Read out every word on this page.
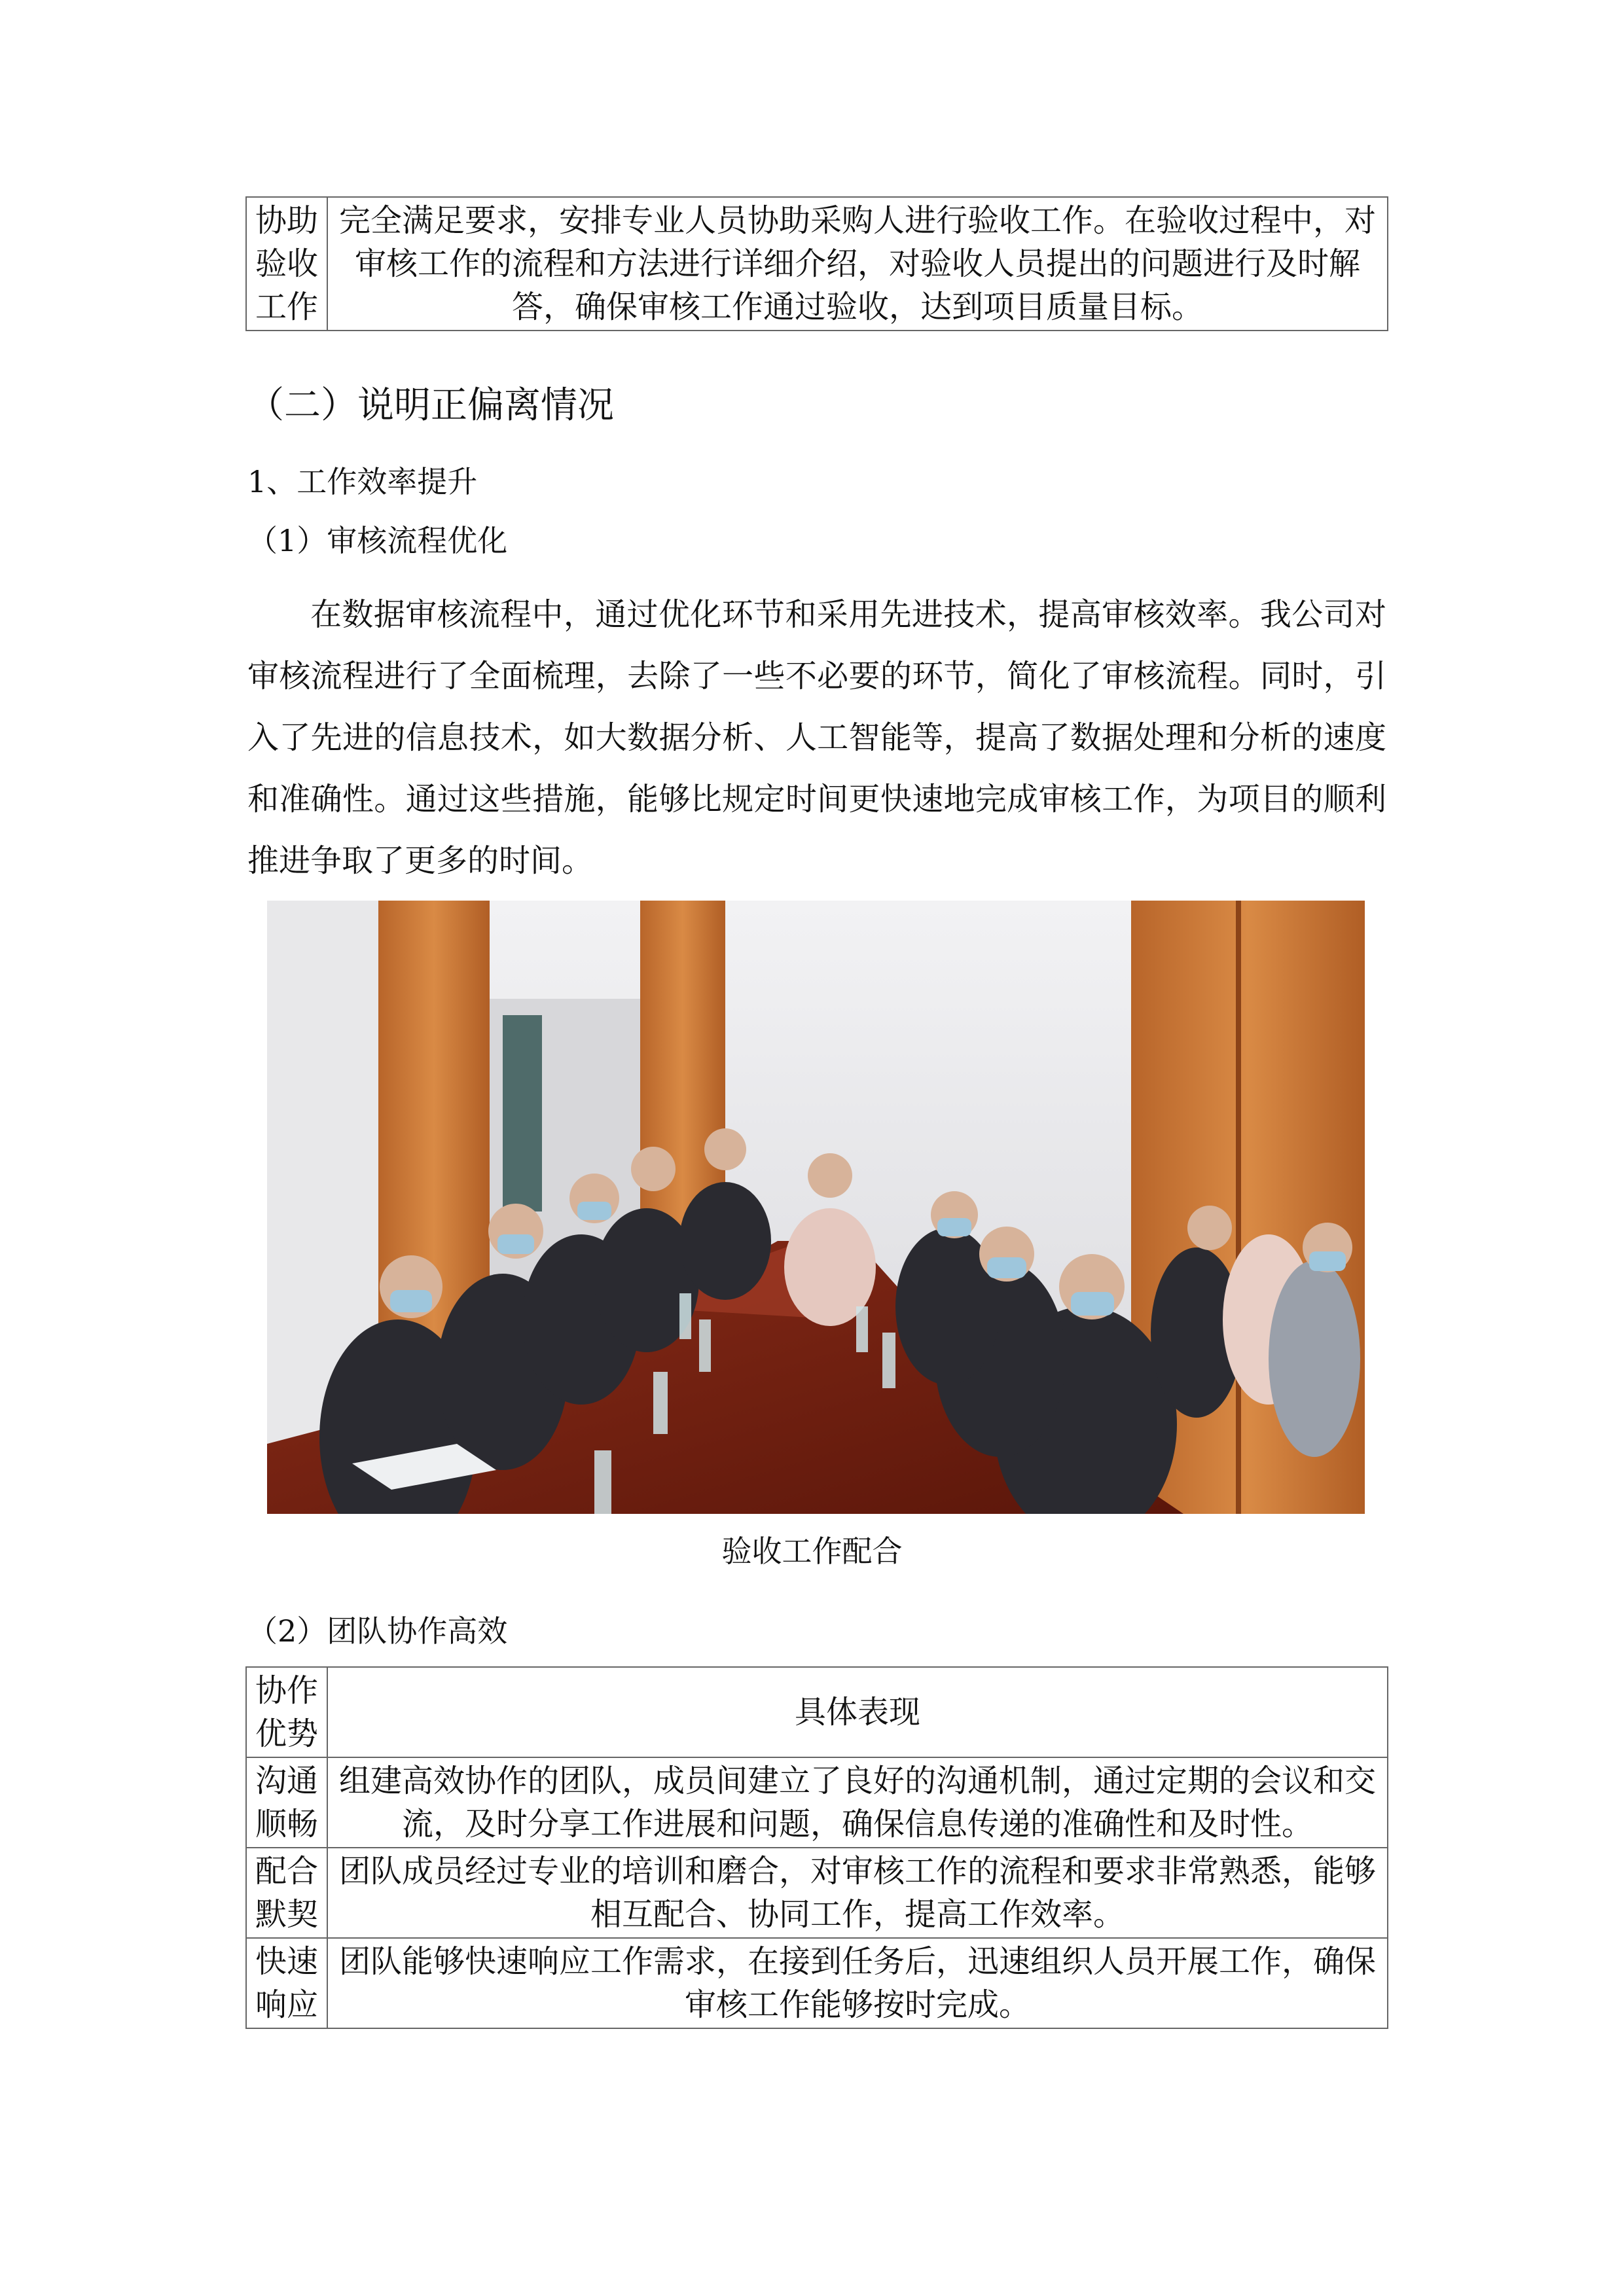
协助验收工作	完全满足要求，安排专业人员协助采购人进行验收工作。在验收过程中，对审核工作的流程和方法进行详细介绍，对验收人员提出的问题进行及时解答，确保审核工作通过验收，达到项目质量目标。
（二）说明正偏离情况
1、工作效率提升
（1）审核流程优化

在数据审核流程中，通过优化环节和采用先进技术，提高审核效率。我公司对审核流程进行了全面梳理，去除了一些不必要的环节，简化了审核流程。同时，引入了先进的信息技术，如大数据分析、人工智能等，提高了数据处理和分析的速度和准确性。通过这些措施，能够比规定时间更快速地完成审核工作，为项目的顺利推进争取了更多的时间。

验收工作配合
（2）团队协作高效
协作优势	具体表现
沟通顺畅	组建高效协作的团队，成员间建立了良好的沟通机制，通过定期的会议和交流，及时分享工作进展和问题，确保信息传递的准确性和及时性。
配合默契	团队成员经过专业的培训和磨合，对审核工作的流程和要求非常熟悉，能够相互配合、协同工作，提高工作效率。
快速响应	团队能够快速响应工作需求，在接到任务后，迅速组织人员开展工作，确保审核工作能够按时完成。
